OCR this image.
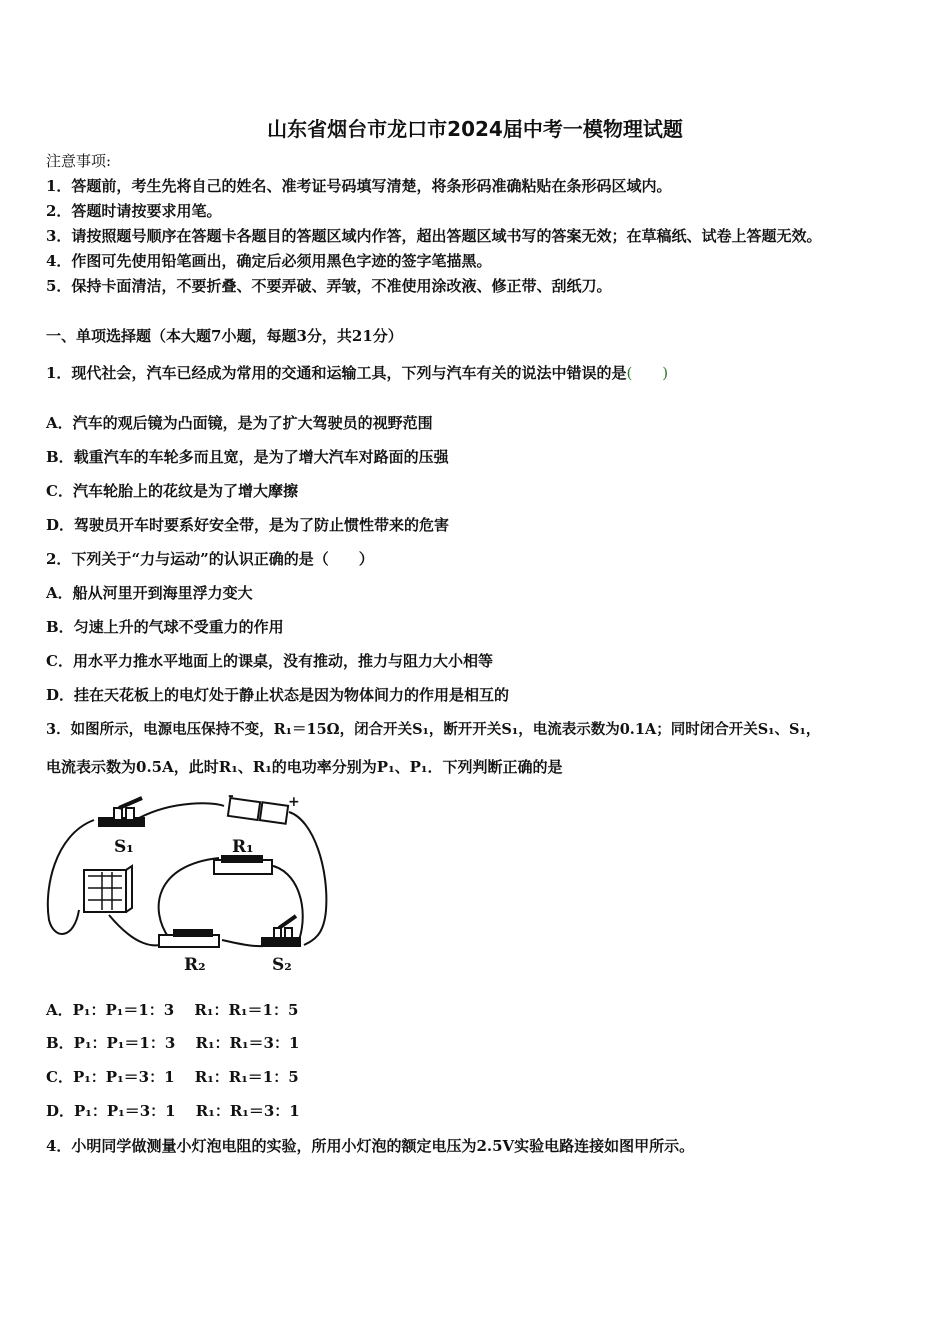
山东省烟台市龙口市2024届中考一模物理试题
注意事项:
1．答题前，考生先将自己的姓名、准考证号码填写清楚，将条形码准确粘贴在条形码区域内。
2．答题时请按要求用笔。
3．请按照题号顺序在答题卡各题目的答题区域内作答，超出答题区域书写的答案无效；在草稿纸、试卷上答题无效。
4．作图可先使用铅笔画出，确定后必须用黑色字迹的签字笔描黑。
5．保持卡面清洁，不要折叠、不要弄破、弄皱，不准使用涂改液、修正带、刮纸刀。
一、单项选择题（本大题7小题，每题3分，共21分）
1．现代社会，汽车已经成为常用的交通和运输工具，下列与汽车有关的说法中错误的是(　　)
A．汽车的观后镜为凸面镜，是为了扩大驾驶员的视野范围
B．载重汽车的车轮多而且宽，是为了增大汽车对路面的压强
C．汽车轮胎上的花纹是为了增大摩擦
D．驾驶员开车时要系好安全带，是为了防止惯性带来的危害
2．下列关于“力与运动”的认识正确的是（　　）
A．船从河里开到海里浮力变大
B．匀速上升的气球不受重力的作用
C．用水平力推水平地面上的课桌，没有推动，推力与阻力大小相等
D．挂在天花板上的电灯处于静止状态是因为物体间力的作用是相互的
3．如图所示，电源电压保持不变，R₁＝15Ω，闭合开关S₁，断开开关S₁，电流表示数为0.1A；同时闭合开关S₁、S₁，
电流表示数为0.5A，此时R₁、R₁的电功率分别为P₁、P₁．下列判断正确的是
S₁	R₁
R₂	S₂
+
-
A．P₁：P₁＝1：3　 R₁：R₁＝1：5
B．P₁：P₁＝1：3　 R₁：R₁＝3：1
C．P₁：P₁＝3：1　 R₁：R₁＝1：5
D．P₁：P₁＝3：1　 R₁：R₁＝3：1
4．小明同学做测量小灯泡电阻的实验，所用小灯泡的额定电压为2.5V实验电路连接如图甲所示。
